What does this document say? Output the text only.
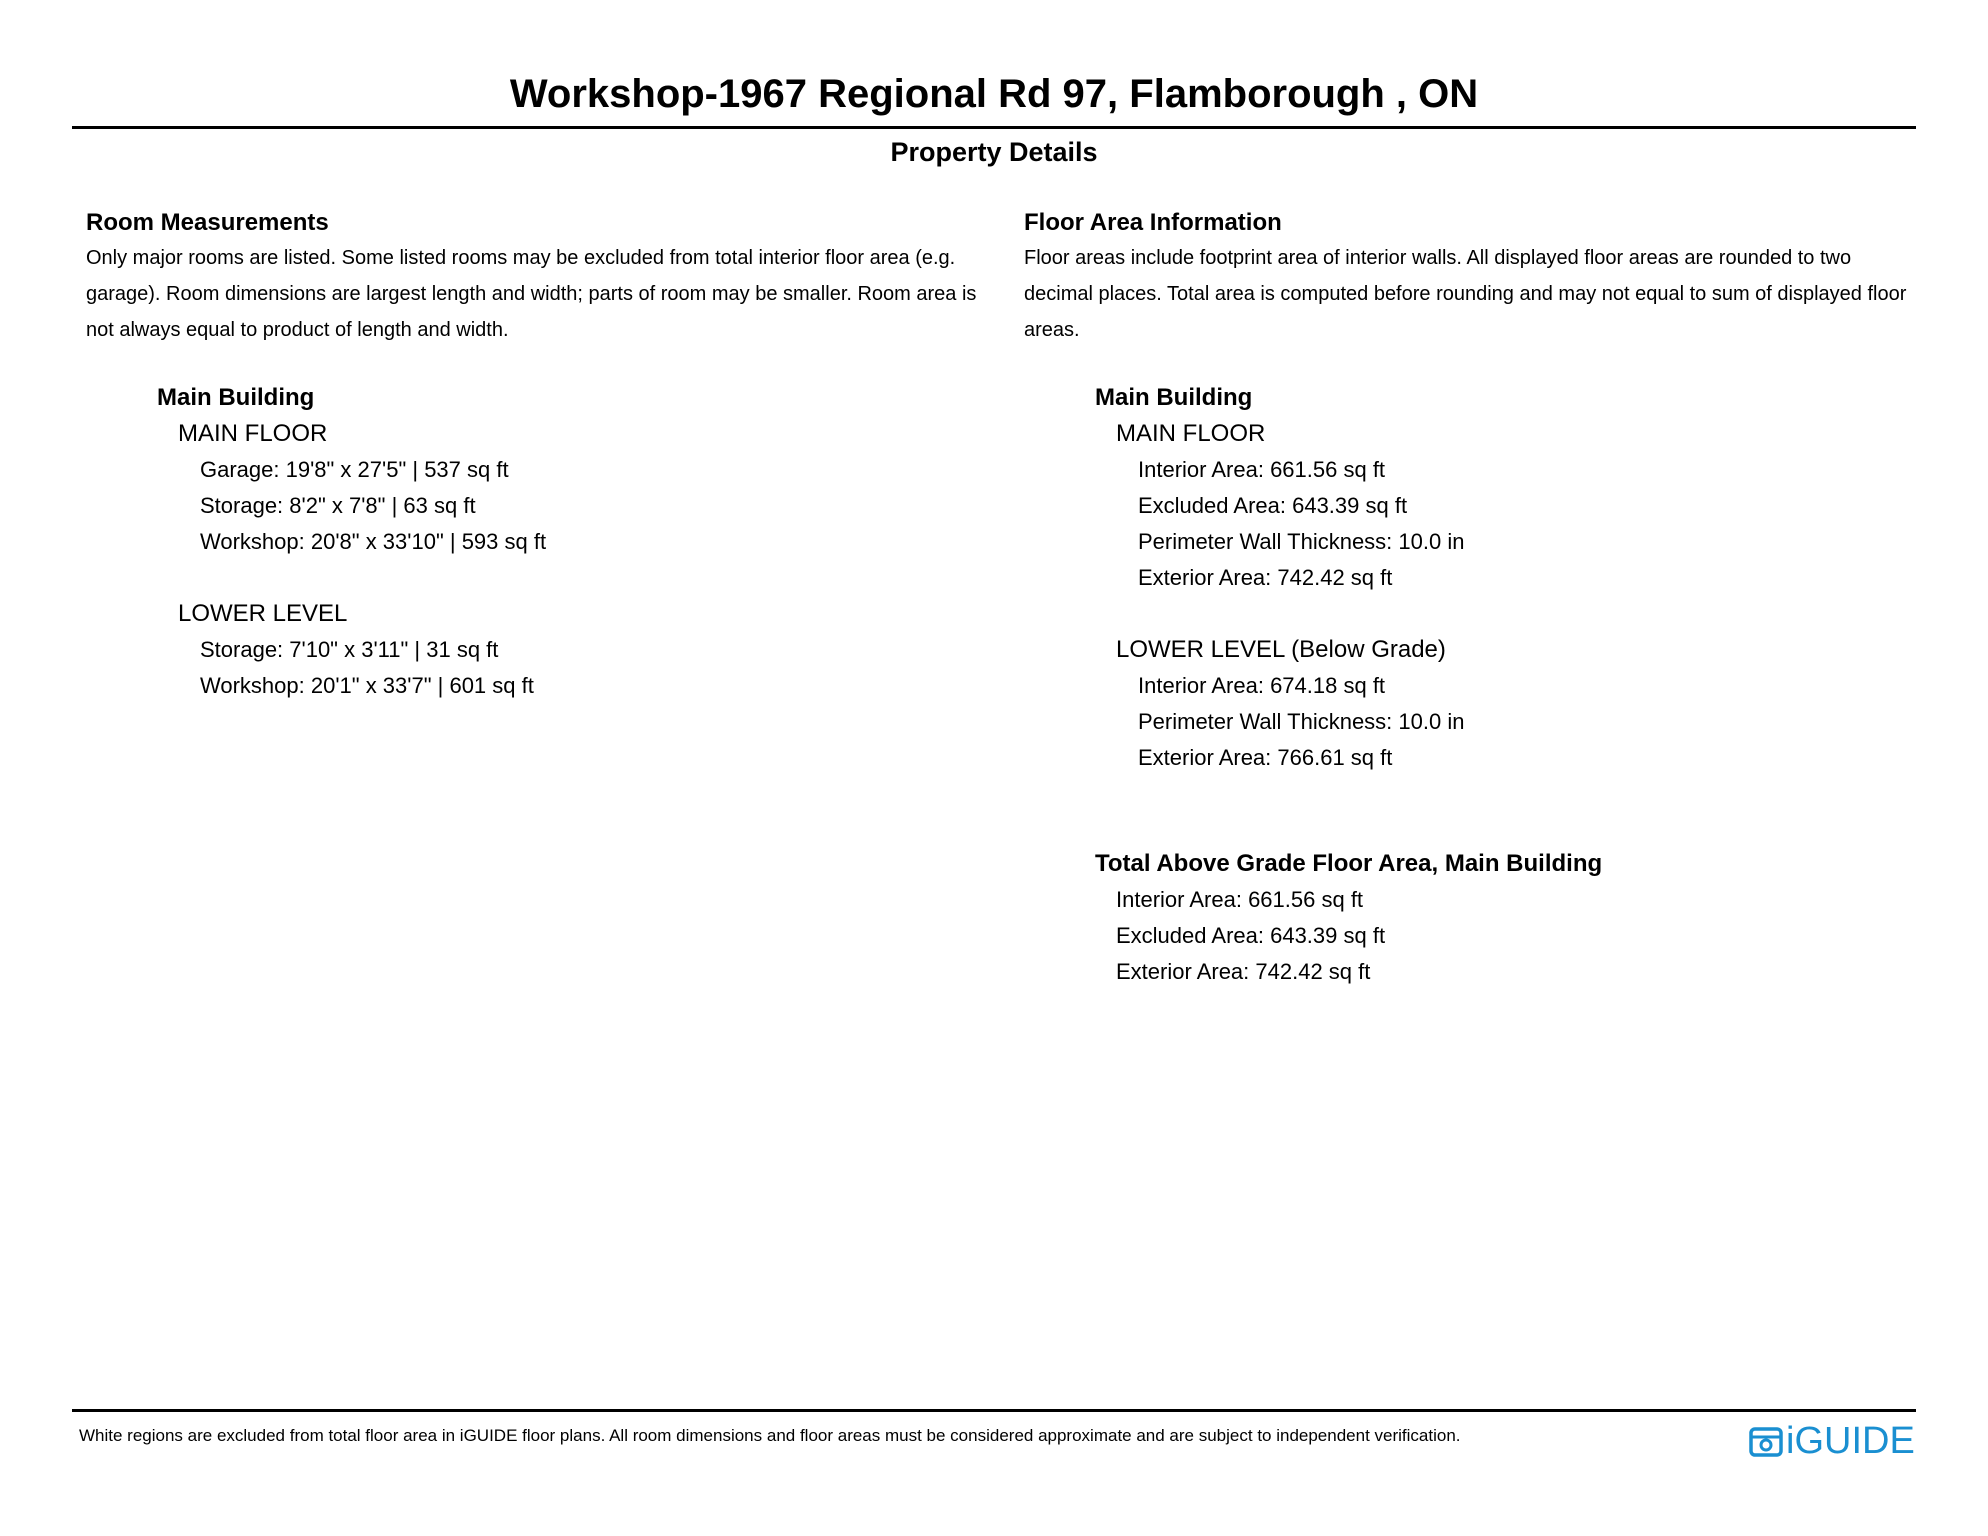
Workshop-1967 Regional Rd 97, Flamborough , ON
Property Details
Room Measurements

Only major rooms are listed. Some listed rooms may be excluded from total interior floor area (e.g. garage). Room dimensions are largest length and width; parts of room may be smaller. Room area is not always equal to product of length and width.

Main Building
MAIN FLOOR
Garage: 19'8" x 27'5" | 537 sq ft
Storage: 8'2" x 7'8" | 63 sq ft
Workshop: 20'8" x 33'10" | 593 sq ft
LOWER LEVEL
Storage: 7'10" x 3'11" | 31 sq ft
Workshop: 20'1" x 33'7" | 601 sq ft
Floor Area Information

Floor areas include footprint area of interior walls. All displayed floor areas are rounded to two decimal places. Total area is computed before rounding and may not equal to sum of displayed floor areas.

Main Building
MAIN FLOOR
Interior Area: 661.56 sq ft
Excluded Area: 643.39 sq ft
Perimeter Wall Thickness: 10.0 in
Exterior Area: 742.42 sq ft
LOWER LEVEL (Below Grade)
Interior Area: 674.18 sq ft
Perimeter Wall Thickness: 10.0 in
Exterior Area: 766.61 sq ft
Total Above Grade Floor Area, Main Building
Interior Area: 661.56 sq ft
Excluded Area: 643.39 sq ft
Exterior Area: 742.42 sq ft
White regions are excluded from total floor area in iGUIDE floor plans. All room dimensions and floor areas must be considered approximate and are subject to independent verification.	iGUIDE
